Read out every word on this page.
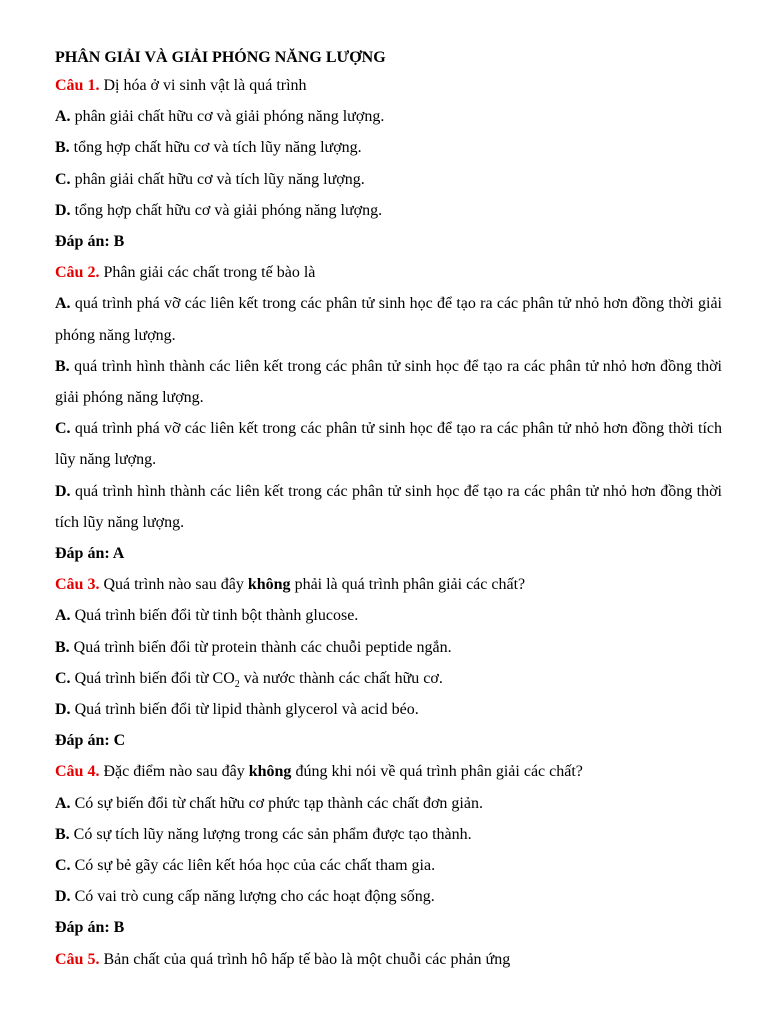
PHÂN GIẢI VÀ GIẢI PHÓNG NĂNG LƯỢNG

Câu 1. Dị hóa ở vi sinh vật là quá trình

A. phân giải chất hữu cơ và giải phóng năng lượng.

B. tổng hợp chất hữu cơ và tích lũy năng lượng.

C. phân giải chất hữu cơ và tích lũy năng lượng.

D. tổng hợp chất hữu cơ và giải phóng năng lượng.

Đáp án: B

Câu 2. Phân giải các chất trong tế bào là

A. quá trình phá vỡ các liên kết trong các phân tử sinh học để tạo ra các phân tử nhỏ hơn đồng thời giải phóng năng lượng.

B. quá trình hình thành các liên kết trong các phân tử sinh học để tạo ra các phân tử nhỏ hơn đồng thời giải phóng năng lượng.

C. quá trình phá vỡ các liên kết trong các phân tử sinh học để tạo ra các phân tử nhỏ hơn đồng thời tích lũy năng lượng.

D. quá trình hình thành các liên kết trong các phân tử sinh học để tạo ra các phân tử nhỏ hơn đồng thời tích lũy năng lượng.

Đáp án: A

Câu 3. Quá trình nào sau đây không phải là quá trình phân giải các chất?

A. Quá trình biến đổi từ tinh bột thành glucose.

B. Quá trình biến đổi từ protein thành các chuỗi peptide ngắn.

C. Quá trình biến đổi từ $CO_2$ và nước thành các chất hữu cơ.

D. Quá trình biến đổi từ lipid thành glycerol và acid béo.

Đáp án: C

Câu 4. Đặc điểm nào sau đây không đúng khi nói về quá trình phân giải các chất?

A. Có sự biến đổi từ chất hữu cơ phức tạp thành các chất đơn giản.

B. Có sự tích lũy năng lượng trong các sản phẩm được tạo thành.

C. Có sự bẻ gãy các liên kết hóa học của các chất tham gia.

D. Có vai trò cung cấp năng lượng cho các hoạt động sống.

Đáp án: B

Câu 5. Bản chất của quá trình hô hấp tế bào là một chuỗi các phản ứng
